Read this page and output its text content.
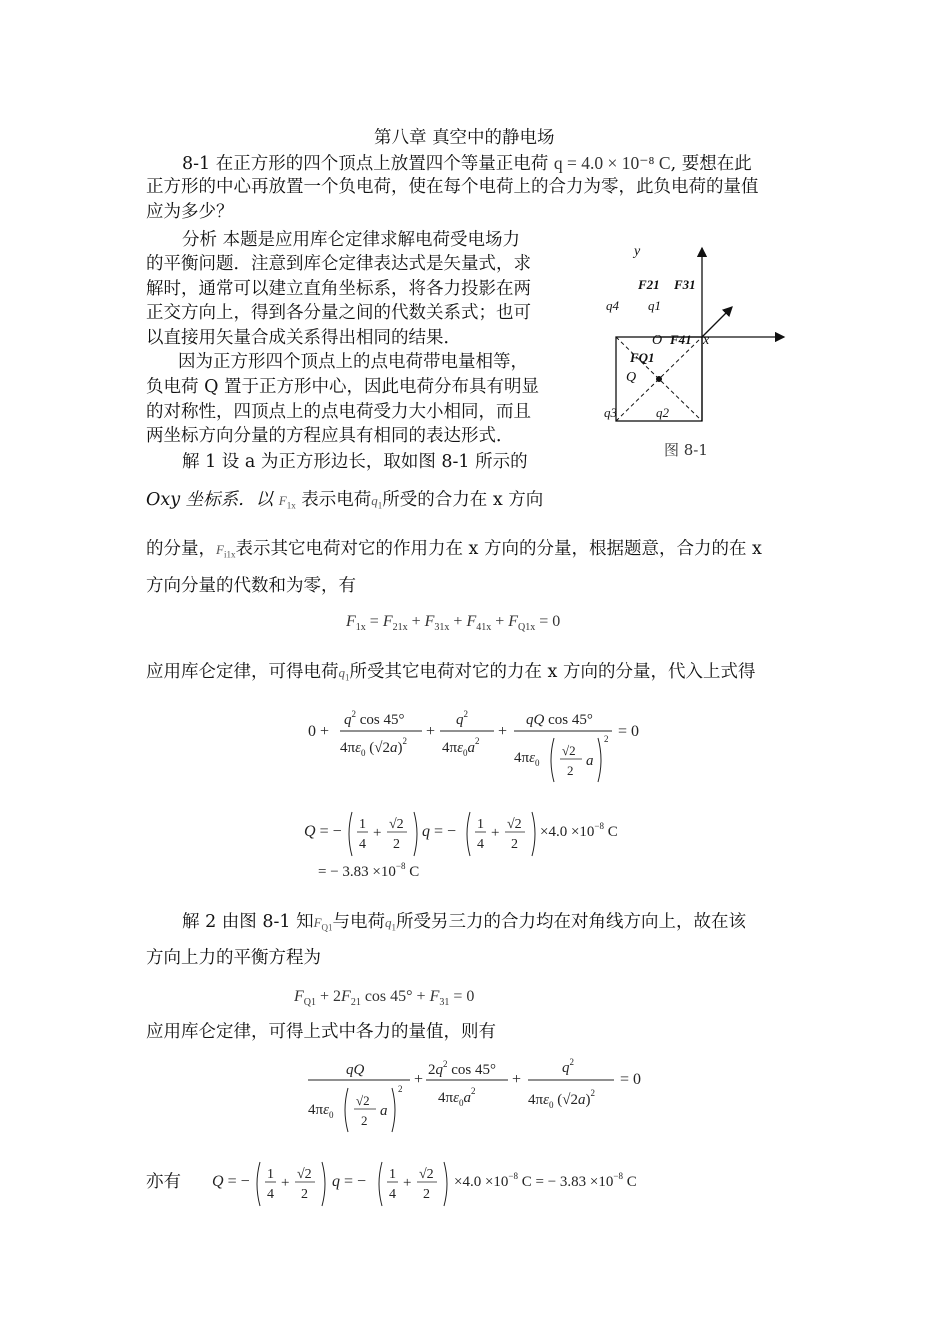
第八章 真空中的静电场
8-1 在正方形的四个顶点上放置四个等量正电荷 q = 4.0 × 10⁻⁸ C, 要想在此
正方形的中心再放置一个负电荷，使在每个电荷上的合力为零，此负电荷的量值
应为多少？
分析 本题是应用库仑定律求解电荷受电场力
的平衡问题．注意到库仑定律表达式是矢量式，求
解时，通常可以建立直角坐标系，将各力投影在两
正交方向上，得到各分量之间的代数关系式；也可
以直接用矢量合成关系得出相同的结果．
因为正方形四个顶点上的点电荷带电量相等，
负电荷 Q 置于正方形中心，因此电荷分布具有明显
的对称性，四顶点上的点电荷受力大小相同，而且
两坐标方向分量的方程应具有相同的表达形式．
解 1 设 a 为正方形边长，取如图 8-1 所示的
y
F21 F31
q4 q1
O F41 x
FQ1
Q
q3	q2
图 8-1
Oxy 坐标系．以 $F_{1x}$ 表示电荷$q_1$所受的合力在 x 方向
的分量，$F_{i1x}$表示其它电荷对它的作用力在 x 方向的分量，根据题意，合力的在 x
方向分量的代数和为零，有
$F_{1x} = F_{21x} + F_{31x} + F_{41x} + F_{Q1x} = 0$
应用库仑定律，可得电荷$q_1$所受其它电荷对它的力在 x 方向的分量，代入上式得
0 +
$q^2$ cos 45°
$4\pi\varepsilon_0$ $(√2a)^2$
+
$q^2$
$4\pi\varepsilon_0a^2$
+
qQ cos 45°
$4\pi\varepsilon_0$
√2
2
a
2 = 0
Q = − 1
4
+
√2
2
q = − 1
4
+
√2
2
$\times 4.0 \times 10^{-8}$ C
= − $3.83 \times 10^{-8}$ C
解 2 由图 8-1 知$F_{Q1}$与电荷$q_1$所受另三力的合力均在对角线方向上，故在该
方向上力的平衡方程为
$F_{Q1} + 2F_{21}$ $\cos 45^\circ + F_{31} = 0$
应用库仑定律，可得上式中各力的量值，则有
qQ
$4\pi\varepsilon_0$
√2
2
a
2
+
$2q^2$ cos 45°
$4\pi\varepsilon_0a^2$
+
$q^2$
$4\pi\varepsilon_0$ $(√2a)^2$
= 0
亦有 Q = − 1
4
+
√2
2
q = − 1
4
+
√2
2
$\times 4.0 \times 10^{-8}$ C = − $3.83 \times 10^{-8}$ C
